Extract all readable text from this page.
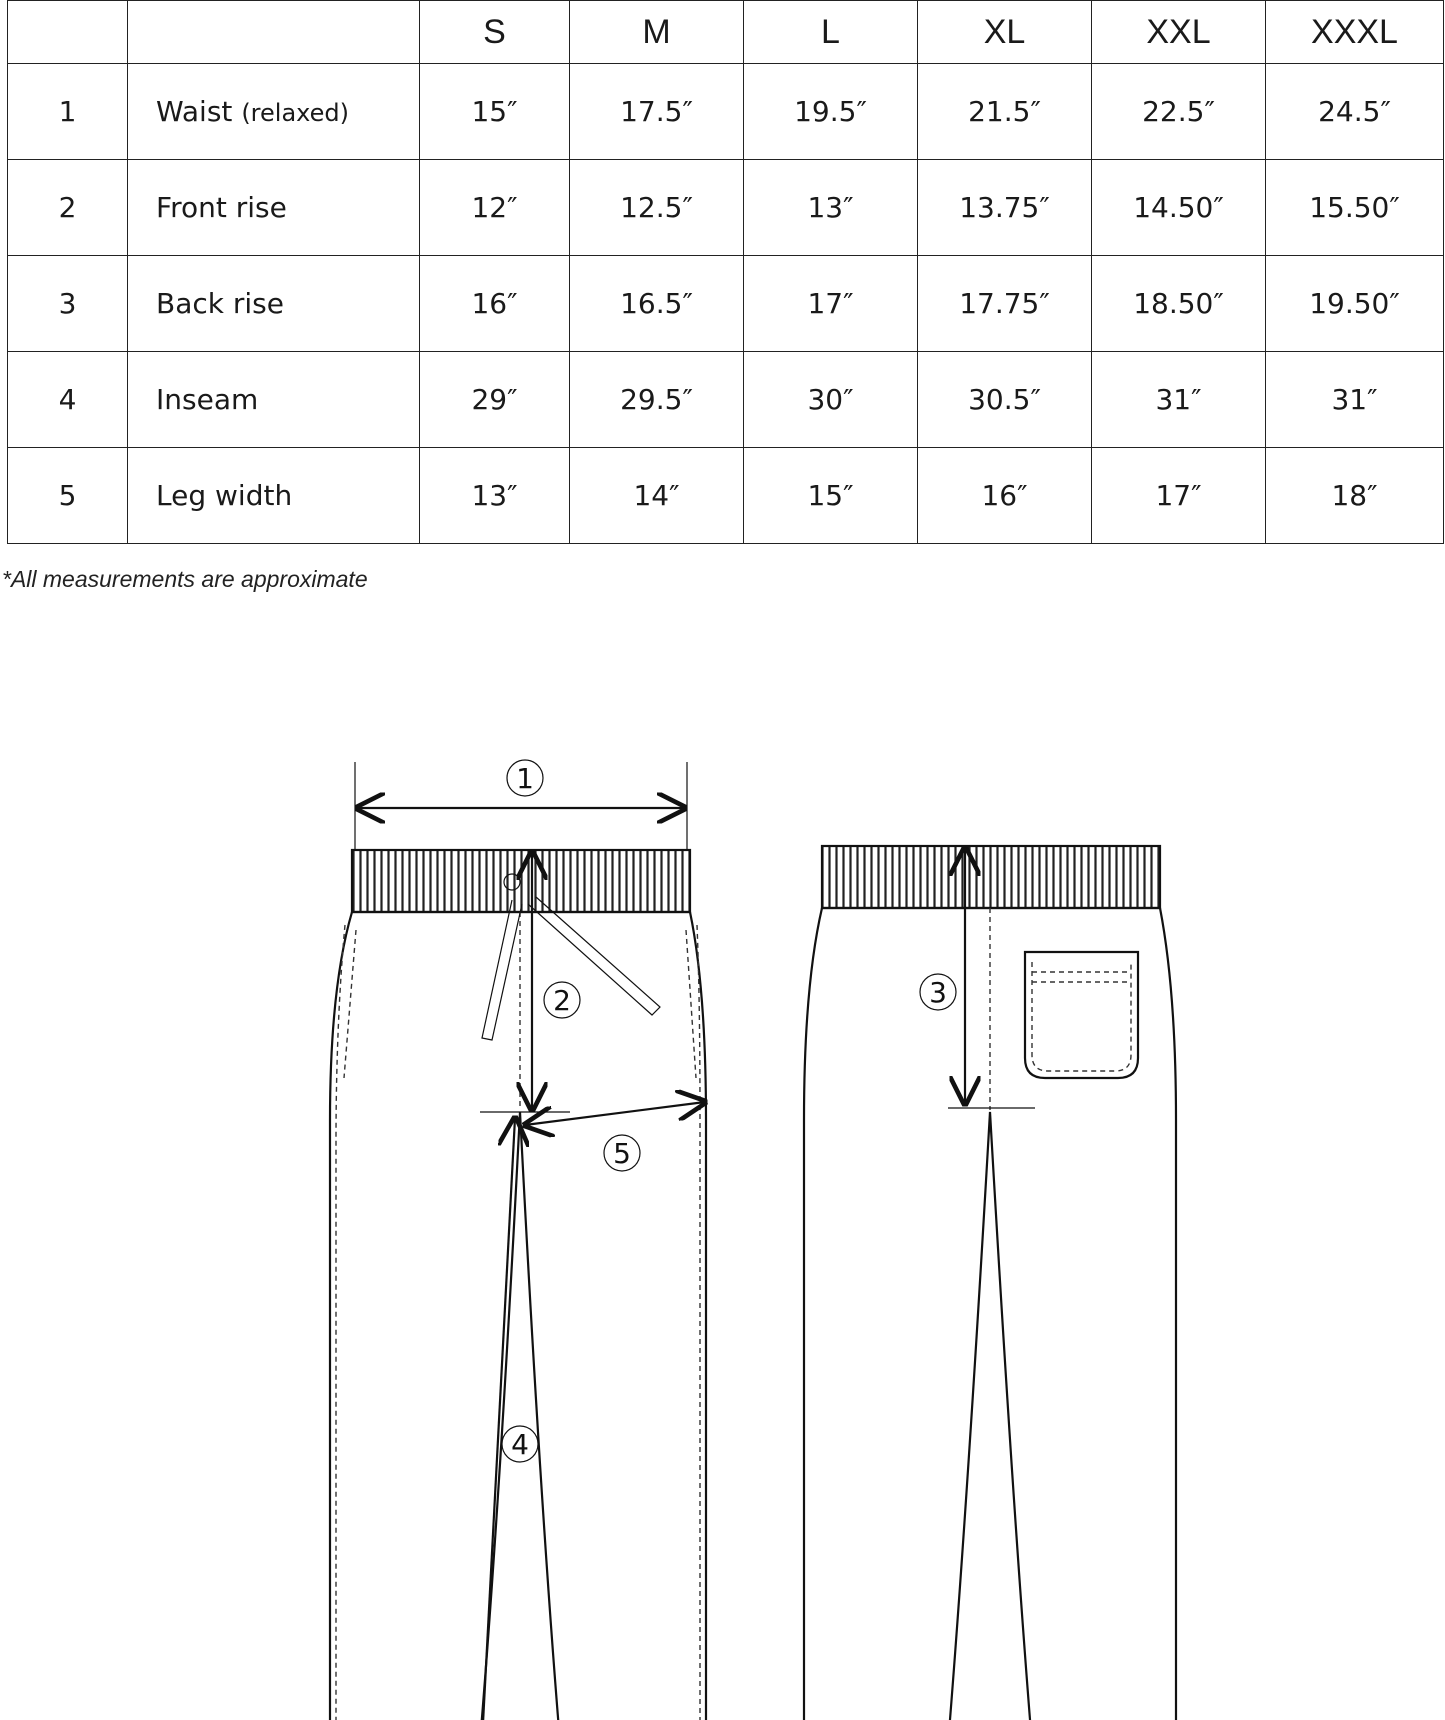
		S	M	L	XL	XXL	XXXL
1	Waist (relaxed)	15″	17.5″	19.5″	21.5″	22.5″	24.5″
2	Front rise	12″	12.5″	13″	13.75″	14.50″	15.50″
3	Back rise	16″	16.5″	17″	17.75″	18.50″	19.50″
4	Inseam	29″	29.5″	30″	30.5″	31″	31″
5	Leg width	13″	14″	15″	16″	17″	18″
*All measurements are approximate
1
2	3
4
5
